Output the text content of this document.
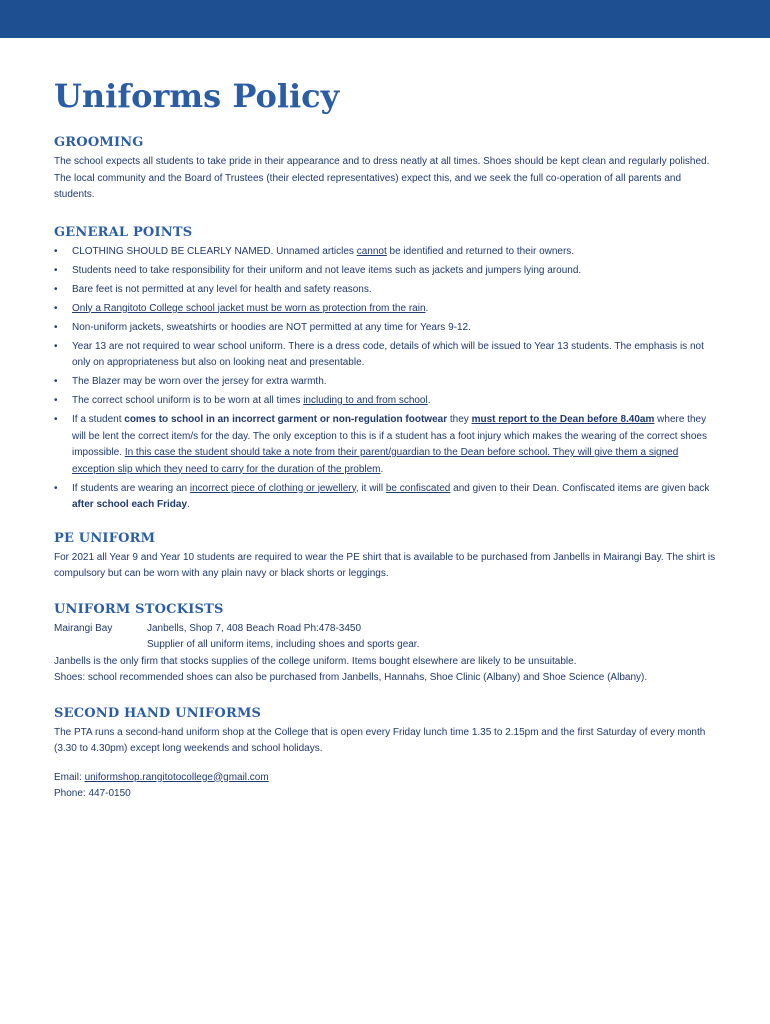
Uniforms Policy
GROOMING

The school expects all students to take pride in their appearance and to dress neatly at all times. Shoes should be kept clean and regularly polished. The local community and the Board of Trustees (their elected representatives) expect this, and we seek the full co-operation of all parents and students.

GENERAL POINTS
• CLOTHING SHOULD BE CLEARLY NAMED. Unnamed articles cannot be identified and returned to their owners.
• Students need to take responsibility for their uniform and not leave items such as jackets and jumpers lying around.
• Bare feet is not permitted at any level for health and safety reasons.
• Only a Rangitoto College school jacket must be worn as protection from the rain.
• Non-uniform jackets, sweatshirts or hoodies are NOT permitted at any time for Years 9-12.
• Year 13 are not required to wear school uniform. There is a dress code, details of which will be issued to Year 13 students. The emphasis is not only on appropriateness but also on looking neat and presentable.
• The Blazer may be worn over the jersey for extra warmth.
• The correct school uniform is to be worn at all times including to and from school.
• If a student comes to school in an incorrect garment or non-regulation footwear they must report to the Dean before 8.40am where they will be lent the correct item/s for the day. The only exception to this is if a student has a foot injury which makes the wearing of the correct shoes impossible. In this case the student should take a note from their parent/guardian to the Dean before school. They will give them a signed exception slip which they need to carry for the duration of the problem.
• If students are wearing an incorrect piece of clothing or jewellery, it will be confiscated and given to their Dean. Confiscated items are given back after school each Friday.
PE UNIFORM

For 2021 all Year 9 and Year 10 students are required to wear the PE shirt that is available to be purchased from Janbells in Mairangi Bay. The shirt is compulsory but can be worn with any plain navy or black shorts or leggings.

UNIFORM STOCKISTS
Mairangi Bay	Janbells, Shop 7, 408 Beach Road Ph:478-3450
Supplier of all uniform items, including shoes and sports gear.

Janbells is the only firm that stocks supplies of the college uniform. Items bought elsewhere are likely to be unsuitable.

Shoes: school recommended shoes can also be purchased from Janbells, Hannahs, Shoe Clinic (Albany) and Shoe Science (Albany).

SECOND HAND UNIFORMS

The PTA runs a second-hand uniform shop at the College that is open every Friday lunch time 1.35 to 2.15pm and the first Saturday of every month (3.30 to 4.30pm) except long weekends and school holidays.

Email: uniformshop.rangitotocollege@gmail.com

Phone: 447-0150
